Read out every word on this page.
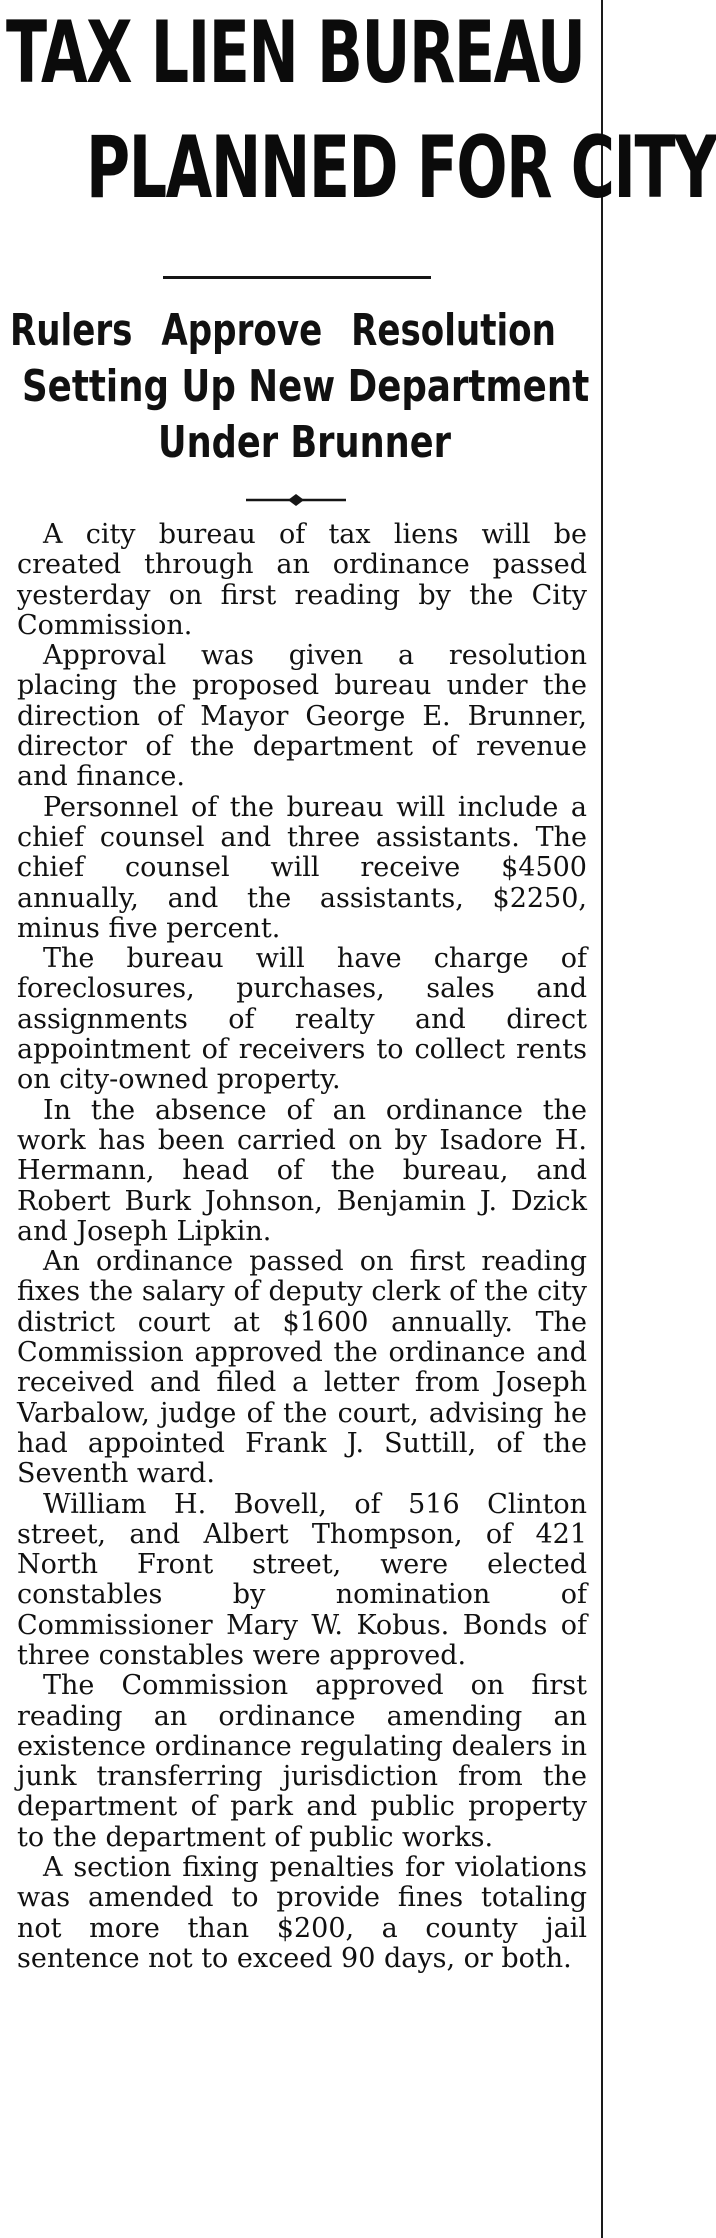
TAX LIEN BUREAU
PLANNED FOR CITY
Rulers Approve Resolution
Setting Up New Department
Under Brunner

A city bureau of tax liens will be created through an ordinance passed yesterday on first reading by the City Commission.

Approval was given a resolution placing the proposed bureau under the direction of Mayor George E. Brunner, director of the department of revenue and finance.

Personnel of the bureau will include a chief counsel and three assistants. The chief counsel will receive $4500 annually, and the assistants, $2250, minus five percent.

The bureau will have charge of foreclosures, purchases, sales and assignments of realty and direct appointment of receivers to collect rents on city-owned property.

In the absence of an ordinance the work has been carried on by Isadore H. Hermann, head of the bureau, and Robert Burk Johnson, Benjamin J. Dzick and Joseph Lipkin.

An ordinance passed on first reading fixes the salary of deputy clerk of the city district court at $1600 annually. The Commission approved the ordinance and received and filed a letter from Joseph Varbalow, judge of the court, advising he had appointed Frank J. Suttill, of the Seventh ward.

William H. Bovell, of 516 Clinton street, and Albert Thompson, of 421 North Front street, were elected constables by nomination of Commissioner Mary W. Kobus. Bonds of three constables were approved.

The Commission approved on first reading an ordinance amending an existence ordinance regulating dealers in junk transferring jurisdiction from the department of park and public property to the department of public works.

A section fixing penalties for violations was amended to provide fines totaling not more than $200, a county jail sentence not to exceed 90 days, or both.
